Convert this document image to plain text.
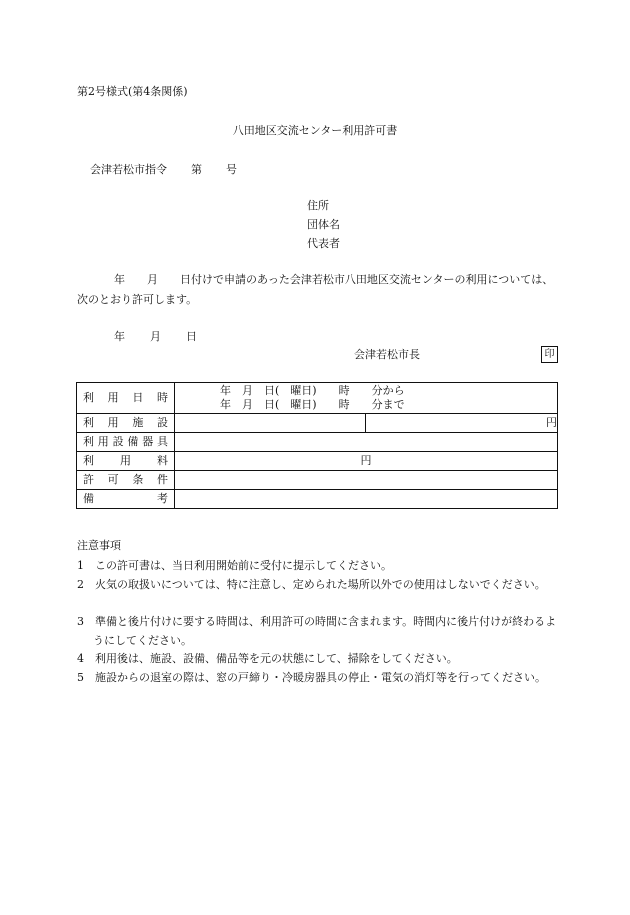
第2号様式(第4条関係)
八田地区交流センター利用許可書
会津若松市指令 第 号
住所
団体名
代表者
年　　月　　日付けで申請のあった会津若松市八田地区交流センターの利用については、次のとおり許可します。
年 月 日
会津若松市長	印
利 用 日 時	年　月　日(　曜日)　　時　　分から
年　月　日(　曜日)　　時　　分まで	

利 用 施 設		円
利用設備器具		
利 用 料	円	
許 可 条 件		
備 考		
注意事項
1　この許可書は、当日利用開始前に受付に提示してください。
2　火気の取扱いについては、特に注意し、定められた場所以外での使用はしないでください。
3　準備と後片付けに要する時間は、利用許可の時間に含まれます。時間内に後片付けが終わるようにしてください。
4　利用後は、施設、設備、備品等を元の状態にして、掃除をしてください。
5　施設からの退室の際は、窓の戸締り・冷暖房器具の停止・電気の消灯等を行ってください。
